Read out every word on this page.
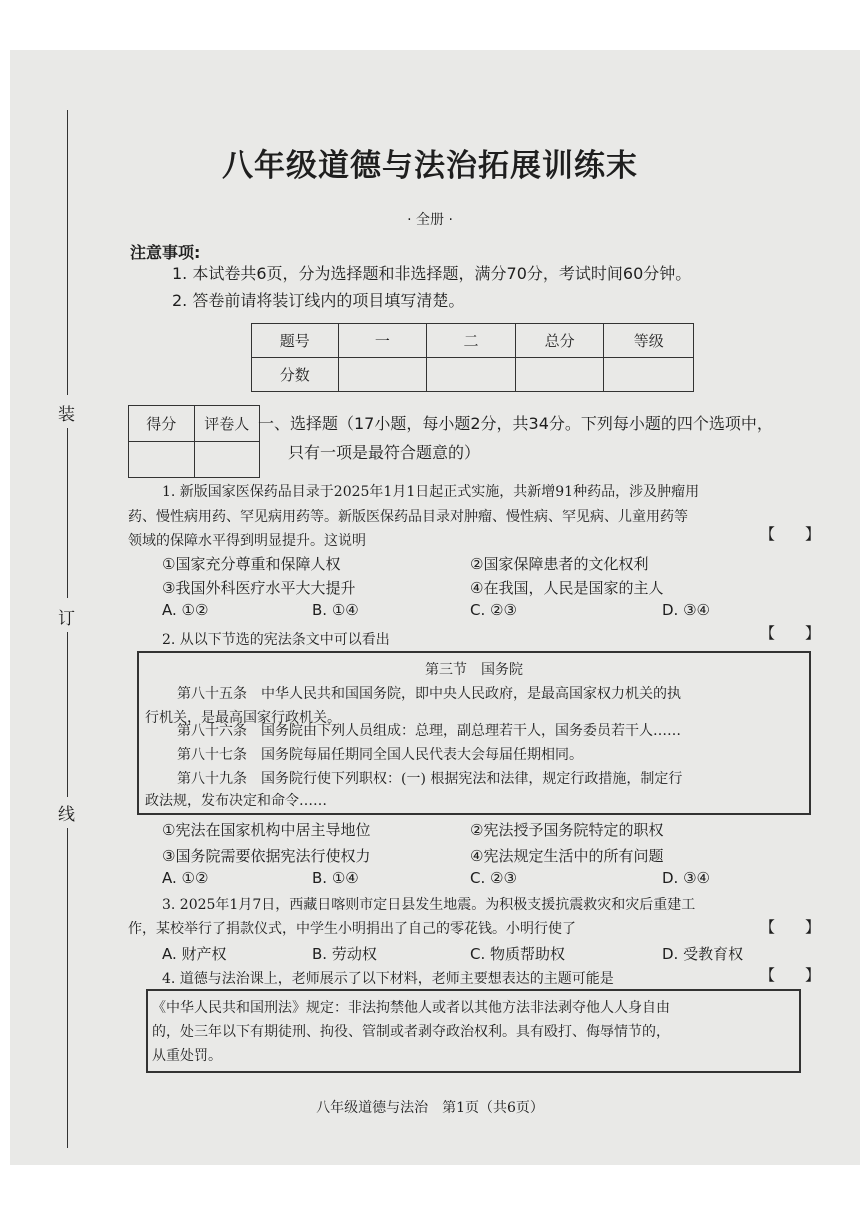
装
订
线
八年级道德与法治拓展训练末
· 全册 ·
注意事项:
1. 本试卷共6页，分为选择题和非选择题，满分70分，考试时间60分钟。
2. 答卷前请将装订线内的项目填写清楚。
题号	一	二	总分	等级
分数				
得分	评卷人
	一、选择题（17小题，每小题2分，共34分。下列每小题的四个选项中，
只有一项是最符合题意的）
1. 新版国家医保药品目录于2025年1月1日起正式实施，共新增91种药品，涉及肿瘤用
药、慢性病用药、罕见病用药等。新版医保药品目录对肿瘤、慢性病、罕见病、儿童用药等
领域的保障水平得到明显提升。这说明	【　　】
①国家充分尊重和保障人权	②国家保障患者的文化权利
③我国外科医疗水平大大提升	④在我国，人民是国家的主人
A. ①②	B. ①④	C. ②③	D. ③④
2. 从以下节选的宪法条文中可以看出	【　　】
第三节　国务院
第八十五条　中华人民共和国国务院，即中央人民政府，是最高国家权力机关的执
行机关，是最高国家行政机关。
第八十六条　国务院由下列人员组成：总理，副总理若干人，国务委员若干人……
第八十七条　国务院每届任期同全国人民代表大会每届任期相同。
第八十九条　国务院行使下列职权：(一) 根据宪法和法律，规定行政措施，制定行
政法规，发布决定和命令……
①宪法在国家机构中居主导地位	②宪法授予国务院特定的职权
③国务院需要依据宪法行使权力	④宪法规定生活中的所有问题
A. ①②	B. ①④	C. ②③	D. ③④
3. 2025年1月7日，西藏日喀则市定日县发生地震。为积极支援抗震救灾和灾后重建工
作，某校举行了捐款仪式，中学生小明捐出了自己的零花钱。小明行使了	【　　】
A. 财产权	B. 劳动权	C. 物质帮助权	D. 受教育权
4. 道德与法治课上，老师展示了以下材料，老师主要想表达的主题可能是	【　　】
《中华人民共和国刑法》规定：非法拘禁他人或者以其他方法非法剥夺他人人身自由
的，处三年以下有期徒刑、拘役、管制或者剥夺政治权利。具有殴打、侮辱情节的，
从重处罚。
八年级道德与法治　第1页（共6页）
